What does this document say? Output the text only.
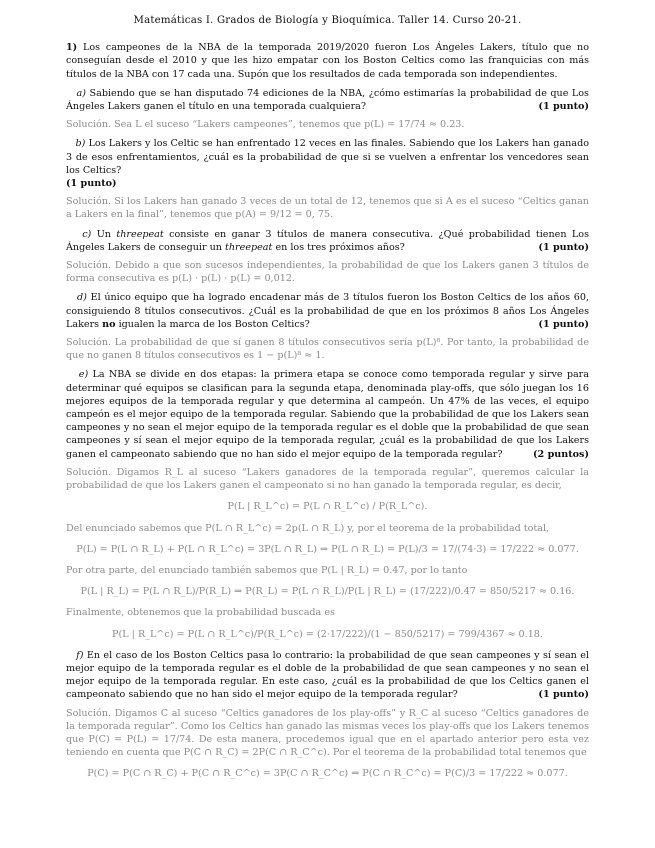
Matemáticas I. Grados de Biología y Bioquímica. Taller 14. Curso 20-21.

1) Los campeones de la NBA de la temporada 2019/2020 fueron Los Ángeles Lakers, título que no conseguían desde el 2010 y que les hizo empatar con los Boston Celtics como las franquicias con más títulos de la NBA con 17 cada una. Supón que los resultados de cada temporada son independientes.

a) Sabiendo que se han disputado 74 ediciones de la NBA, ¿cómo estimarías la probabilidad de que Los Ángeles Lakers ganen el título en una temporada cualquiera?	(1 punto)

Solución. Sea L el suceso “Lakers campeones”, tenemos que p(L) = 17/74 ≈ 0.23.

b) Los Lakers y los Celtic se han enfrentado 12 veces en las finales. Sabiendo que los Lakers han ganado 3 de esos enfrentamientos, ¿cuál es la probabilidad de que si se vuelven a enfrentar los vencedores sean los Celtics?
(1 punto)

Solución. Si los Lakers han ganado 3 veces de un total de 12, tenemos que si A es el suceso “Celtics ganan a Lakers en la final”, tenemos que p(A) = 9/12 = 0, 75.

c) Un threepeat consiste en ganar 3 títulos de manera consecutiva. ¿Qué probabilidad tienen Los Ángeles Lakers de conseguir un threepeat en los tres próximos años?	(1 punto)

Solución. Debido a que son sucesos independientes, la probabilidad de que los Lakers ganen 3 títulos de forma consecutiva es p(L) · p(L) · p(L) = 0,012.

d) El único equipo que ha logrado encadenar más de 3 títulos fueron los Boston Celtics de los años 60, consiguiendo 8 títulos consecutivos. ¿Cuál es la probabilidad de que en los próximos 8 años Los Ángeles Lakers no igualen la marca de los Boston Celtics?	(1 punto)

Solución. La probabilidad de que sí ganen 8 títulos consecutivos sería p(L)⁸. Por tanto, la probabilidad de que no ganen 8 títulos consecutivos es 1 − p(L)⁸ ≈ 1.

e) La NBA se divide en dos etapas: la primera etapa se conoce como temporada regular y sirve para determinar qué equipos se clasifican para la segunda etapa, denominada play-offs, que sólo juegan los 16 mejores equipos de la temporada regular y que determina al campeón. Un 47% de las veces, el equipo campeón es el mejor equipo de la temporada regular. Sabiendo que la probabilidad de que los Lakers sean campeones y no sean el mejor equipo de la temporada regular es el doble que la probabilidad de que sean campeones y sí sean el mejor equipo de la temporada regular, ¿cuál es la probabilidad de que los Lakers ganen el campeonato sabiendo que no han sido el mejor equipo de la temporada regular?	(2 puntos)

Solución. Digamos R_L al suceso “Lakers ganadores de la temporada regular”, queremos calcular la probabilidad de que los Lakers ganen el campeonato si no han ganado la temporada regular, es decir,

P(L | R_L^c) = P(L ∩ R_L^c) / P(R_L^c).

Del enunciado sabemos que P(L ∩ R_L^c) = 2p(L ∩ R_L) y, por el teorema de la probabilidad total,

P(L) = P(L ∩ R_L) + P(L ∩ R_L^c) = 3P(L ∩ R_L) ⇒ P(L ∩ R_L) = P(L)/3 = 17/(74·3) = 17/222 ≈ 0.077.

Por otra parte, del enunciado también sabemos que P(L | R_L) = 0.47, por lo tanto

P(L | R_L) = P(L ∩ R_L)/P(R_L) ⇒ P(R_L) = P(L ∩ R_L)/P(L | R_L) = (17/222)/0.47 = 850/5217 ≈ 0.16.

Finalmente, obtenemos que la probabilidad buscada es

P(L | R_L^c) = P(L ∩ R_L^c)/P(R_L^c) = (2·17/222)/(1 − 850/5217) = 799/4367 ≈ 0.18.

f) En el caso de los Boston Celtics pasa lo contrario: la probabilidad de que sean campeones y sí sean el mejor equipo de la temporada regular es el doble de la probabilidad de que sean campeones y no sean el mejor equipo de la temporada regular. En este caso, ¿cuál es la probabilidad de que los Celtics ganen el campeonato sabiendo que no han sido el mejor equipo de la temporada regular?	(1 punto)

Solución. Digamos C al suceso “Celtics ganadores de los play-offs” y R_C al suceso “Celtics ganadores de la temporada regular”. Como los Celtics han ganado las mismas veces los play-offs que los Lakers tenemos que P(C) = P(L) = 17/74. De esta manera, procedemos igual que en el apartado anterior pero esta vez teniendo en cuenta que P(C ∩ R_C) = 2P(C ∩ R_C^c). Por el teorema de la probabilidad total tenemos que

P(C) = P(C ∩ R_C) + P(C ∩ R_C^c) = 3P(C ∩ R_C^c) ⇒ P(C ∩ R_C^c) = P(C)/3 = 17/222 ≈ 0.077.
